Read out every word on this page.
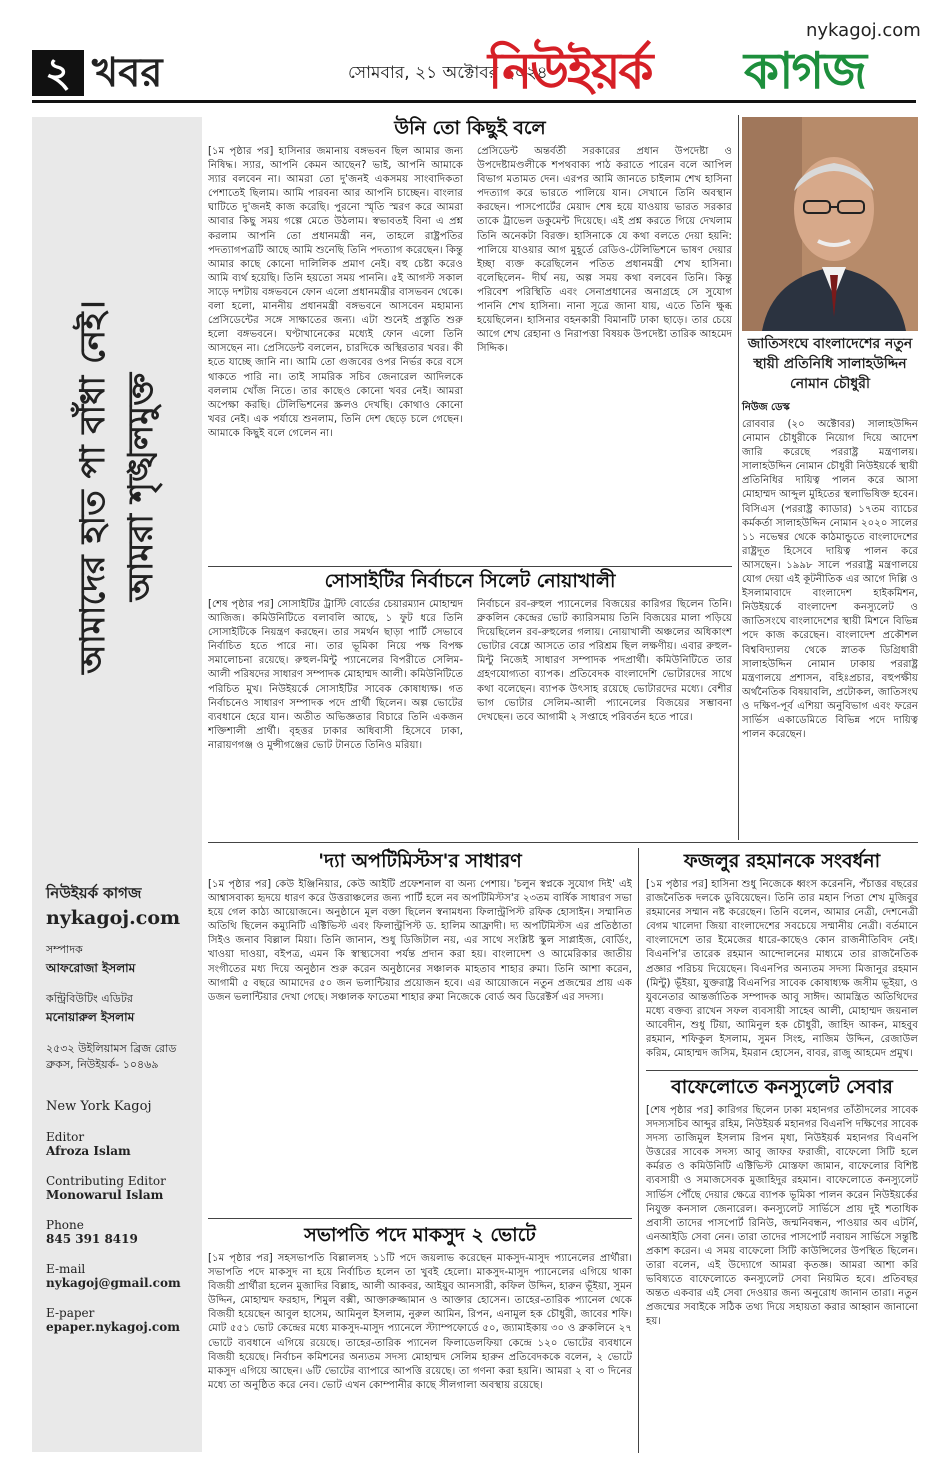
২ খবর	সোমবার, ২১ অক্টোবর ২০২৪
nykagoj.com
নিউইয়র্ক কাগজ
আমাদের হাত পা বাঁধা নেই। আমরা শৃঙ্খলমুক্ত
নিউইয়র্ক কাগজ
nykagoj.com
সম্পাদক
আফরোজা ইসলাম
কন্ট্রিবিউটিং এডিটর
মনোয়ারুল ইসলাম
২৫৩২ উইলিয়ামস ব্রিজ রোড
ব্রুকস, নিউইয়র্ক- ১০৪৬৯
New York Kagoj
Editor
Afroza Islam
Contributing Editor
Monowarul Islam
Phone
845 391 8419
E-mail
nykagoj@gmail.com
E-paper
epaper.nykagoj.com
উনি তো কিছুই বলে
[১ম পৃষ্ঠার পর] হাসিনার জমানায় বঙ্গভবন ছিল আমার জন্য নিষিদ্ধ। স্যার, আপনি কেমন আছেন? ভাই, আপনি আমাকে স্যার বলবেন না। আমরা তো দু'জনই একসময় সাংবাদিকতা পেশাতেই ছিলাম। আমি পারবনা আর আপনি চাচ্ছেন। বাংলার ঘাটিতে দু'জনই কাজ করেছি। পুরনো স্মৃতি স্মরণ করে আমরা আবার কিছু সময় গল্পে মেতে উঠলাম। স্বভাবতই বিনা এ প্রশ্ন করলাম আপনি তো প্রধানমন্ত্রী নন, তাহলে রাষ্ট্রপতির পদত্যাগপত্রটি আছে আমি শুনেছি তিনি পদত্যাগ করেছেন। কিন্তু আমার কাছে কোনো দালিলিক প্রমাণ নেই। বহু চেষ্টা করেও আমি ব্যর্থ হয়েছি। তিনি হয়তো সময় পাননি। ৫ই আগস্ট সকাল সাড়ে দশটায় বঙ্গভবনে ফোন এলো প্রধানমন্ত্রীর বাসভবন থেকে। বলা হলো, মাননীয় প্রধানমন্ত্রী বঙ্গভবনে আসবেন মহামান্য প্রেসিডেন্টের সঙ্গে সাক্ষাতের জন্য। এটা শুনেই প্রস্তুতি শুরু হলো বঙ্গভবনে। ঘণ্টাখানেকের মধ্যেই ফোন এলো তিনি আসছেন না। প্রেসিডেন্ট বললেন, চারদিকে অস্থিরতার খবর। কী হতে যাচ্ছে জানি না। আমি তো গুজবের ওপর নির্ভর করে বসে থাকতে পারি না। তাই সামরিক সচিব জেনারেল আদিলকে বললাম খোঁজ নিতে। তার কাছেও কোনো খবর নেই। আমরা অপেক্ষা করছি। টেলিভিশনের স্ক্রলও দেখছি। কোথাও কোনো খবর নেই। এক পর্যায়ে শুনলাম, তিনি দেশ ছেড়ে চলে গেছেন। আমাকে কিছুই বলে গেলেন না।
প্রেসিডেন্ট অন্তর্বর্তী সরকারের প্রধান উপদেষ্টা ও উপদেষ্টামণ্ডলীকে শপথবাক্য পাঠ করাতে পারেন বলে আপিল বিভাগ মতামত দেন। এরপর আমি জানতে চাইলাম শেখ হাসিনা পদত্যাগ করে ভারতে পালিয়ে যান। সেখানে তিনি অবস্থান করছেন। পাসপোর্টের মেয়াদ শেষ হয়ে যাওয়ায় ভারত সরকার তাকে ট্রাভেল ডকুমেন্ট দিয়েছে। এই প্রশ্ন করতে গিয়ে দেখলাম তিনি অনেকটা বিরক্ত। হাসিনাকে যে কথা বলতে দেয়া হয়নি: পালিয়ে যাওয়ার আগ মুহূর্তে রেডিও-টেলিভিশনে ভাষণ দেয়ার ইচ্ছা ব্যক্ত করেছিলেন পতিত প্রধানমন্ত্রী শেখ হাসিনা। বলেছিলেন- দীর্ঘ নয়, অল্প সময় কথা বলবেন তিনি। কিন্তু পরিবেশ পরিস্থিতি এবং সেনাপ্রধানের অনাগ্রহে সে সুযোগ পাননি শেখ হাসিনা। নানা সূত্রে জানা যায়, এতে তিনি ক্ষুব্ধ হয়েছিলেন। হাসিনার বহনকারী বিমানটি ঢাকা ছাড়ে। তার চেয়ে আগে শেখ রেহানা ও নিরাপত্তা বিষয়ক উপদেষ্টা তারিক আহমেদ সিদ্দিক।
সোসাইটির নির্বাচনে সিলেট নোয়াখালী
[শেষ পৃষ্ঠার পর] সোসাইটির ট্রাস্টি বোর্ডের চেয়ারম্যান মোহাম্মদ আজিজ। কমিউনিটিতে বলাবলি আছে, ১ ফুট ধরে তিনি সোসাইটিকে নিয়ন্ত্রণ করছেন। তার সমর্থন ছাড়া পার্টি সেভাবে নির্বাচিত হতে পারে না। তার ভূমিকা নিয়ে পক্ষ বিপক্ষ সমালোচনা রয়েছে। রুহুল-মিন্টু প্যানেলের বিপরীতে সেলিম-আলী পরিষদের সাধারণ সম্পাদক মোহাম্মদ আলী। কমিউনিটিতে পরিচিত মুখ। নিউইয়র্কে সোসাইটির সাবেক কোষাধ্যক্ষ। গত নির্বাচনেও সাধারণ সম্পাদক পদে প্রার্থী ছিলেন। অল্প ভোটের ব্যবধানে হেরে যান। অতীত অভিজ্ঞতার বিচারে তিনি একজন শক্তিশালী প্রার্থী। বৃহত্তর ঢাকার অধিবাসী হিসেবে ঢাকা, নারায়ণগঞ্জ ও মুন্সীগঞ্জের ভোট টানতে তিনিও মরিয়া।
নির্বাচনে রব-রুহুল প্যানেলের বিজয়ের কারিগর ছিলেন তিনি। ব্রুকলিন কেন্দ্রের ভোট ক্যারিসমায় তিনি বিজয়ের মালা পড়িয়ে দিয়েছিলেন রব-রুহুলের গলায়। নোয়াখালী অঞ্চলের অধিকাংশ ভোটার বেশ্লে আসতে তার পরিশ্রম ছিল লক্ষণীয়। এবার রুহুল-মিন্টু নিজেই সাধারণ সম্পাদক পদপ্রার্থী। কমিউনিটিতে তার গ্রহণযোগ্যতা ব্যাপক। প্রতিবেদক বাংলাদেশি ভোটারদের সাথে কথা বলেছেন। ব্যাপক উৎসাহ রয়েছে ভোটারদের মধ্যে। বেশীর ভাগ ভোটার সেলিম-আলী প্যানেলের বিজয়ের সম্ভাবনা দেখছেন। তবে আগামী ২ সপ্তাহে পরিবর্তন হতে পারে।
'দ্যা অপটিমিস্টস'র সাধারণ
[১ম পৃষ্ঠার পর] কেউ ইঞ্জিনিয়ার, কেউ আইটি প্রফেশনাল বা অন্য পেশায়। 'চলুন স্বপ্নকে সুযোগ দিই' এই আশ্বাসবাক্য হৃদয়ে ধারণ করে উত্তরাঞ্চলের জন্য পার্টি হলে নব অপটিমিস্টস'র ২৩তম বার্ষিক সাধারণ সভা হয়ে গেল কাঠ্য আয়োজনে। অনুষ্ঠানে মূল বক্তা ছিলেন স্বনামধন্য ফিলান্ট্রপিস্ট রফিক হোসাইন। সম্মানিত অতিথি ছিলেন কম্যুনিটি এক্টিভিস্ট এবং ফিলান্ট্রপিস্ট ড. হালিম আফ্রাদী। দ্য অপটিমিস্টস এর প্রতিষ্ঠাতা সিইও জনাব বিল্লাল মিয়া। তিনি জানান, শুধু ডিজিটাল নয়, এর সাথে সংশ্লিষ্ট স্কুল সাপ্লাইজ, বোর্ডিং, খাওয়া দাওয়া, বইপত্র, এমন কি স্বাস্থ্যসেবা পর্যন্ত প্রদান করা হয়। বাংলাদেশ ও আমেরিকার জাতীয় সংগীতের মধ্য দিয়ে অনুষ্ঠান শুরু করেন অনুষ্ঠানের সঞ্চালক মাহতাব শাহার রুমা। তিনি আশা করেন, আগামী ৫ বছরে আমাদের ৫০ জন ভলান্টিয়ার প্রয়োজন হবে। এর আয়োজনে নতুন প্রজন্মের প্রায় এক ডজন ভলান্টিয়ার দেখা গেছে। সঞ্চালক ফাতেমা শাহার রুমা নিজেকে বোর্ড অব ডিরেক্টর্স এর সদস্য।
সভাপতি পদে মাকসুদ ২ ভোটে
[১ম পৃষ্ঠার পর] সহসভাপতি বিল্লালসহ ১১টি পদে জয়লাভ করেছেন মাকসুদ-মাসুদ প্যানেলের প্রার্থীরা। সভাপতি পদে মাকসুদ না হয়ে নির্বাচিত হলেন তা খুবই হেলো। মাকসুদ-মাসুদ প্যানেলের এগিয়ে থাকা বিজয়ী প্রার্থীরা হলেন মুজাদির বিল্লাহ, আলী আকবর, আইয়ুব আনসারী, কফিল উদ্দিন, হারুন ভূঁইয়া, সুমন উদ্দিন, মোহাম্মদ ফরহাদ, শিমুল বক্সী, আক্তারুজ্জামান ও আক্তার হোসেন। তাহের-তারিক প্যানেল থেকে বিজয়ী হয়েছেন আবুল হাসেম, আমিনুল ইসলাম, নুরুল আমিন, রিপন, এনামুল হক চৌধুরী, জাবের শফি। মোট ৫৫১ ভোট কেন্দ্রের মধ্যে মাকসুদ-মাসুদ প্যানেলে স্ট্যাম্পফোর্ডে ৫০, জ্যামাইকায় ৩০ ও ব্রুকলিনে ২৭ ভোটে ব্যবধানে এগিয়ে রয়েছে। তাহের-তারিক প্যানেল ফিলাডেলফিয়া কেন্দ্রে ১২০ ভোটের ব্যবধানে বিজয়ী হয়েছে। নির্বাচন কমিশনের অন্যতম সদস্য মোহাম্মদ সেলিম হারুন প্রতিবেদককে বলেন, ২ ভোটে মাকসুদ এগিয়ে আছেন। ৬টি ভোটের ব্যাপারে আপত্তি রয়েছে। তা গণনা করা হয়নি। আমরা ২ বা ৩ দিনের মধ্যে তা অনুষ্ঠিত করে নেব। ভোট এখন কোম্পানীর কাছে সীলগালা অবস্থায় রয়েছে।
ফজলুর রহমানকে সংবর্ধনা
[১ম পৃষ্ঠার পর] হাসিনা শুধু নিজেকে ধ্বংস করেননি, পঁচাত্তর বছরের রাজনৈতিক দলকে ডুবিয়েছেন। তিনি তার মহান পিতা শেখ মুজিবুর রহমানের সম্মান নষ্ট করেছেন। তিনি বলেন, আমার নেত্রী, দেশনেত্রী বেগম খালেদা জিয়া বাংলাদেশের সবচেয়ে সম্মানীয় নেত্রী। বর্তমানে বাংলাদেশে তার ইমেজের ধারে-কাছেও কোন রাজনীতিবিদ নেই। বিএনপি'র তারেক রহমান আন্দোলনের মাধ্যমে তার রাজনৈতিক প্রজ্ঞার পরিচয় দিয়েছেন। বিএনপির অন্যতম সদস্য মিজানুর রহমান (মিন্টু) ভূঁইয়া, যুক্তরাষ্ট্র বিএনপির সাবেক কোষাধ্যক্ষ জসীম ভূইয়া, ও যুবনেতার আন্তর্জাতিক সম্পাদক আবু সাঈদ। আমন্ত্রিত অতিথিদের মধ্যে বক্তব্য রাখেন সফল ব্যবসায়ী সাহেব আলী, মোহাম্মদ জয়নাল আবেদীন, শুধু টিয়া, আমিনুল হক চৌধুরী, জাহিদ আকন, মাহবুব রহমান, শফিকুল ইসলাম, সুমন সিংহ, নাজিম উদ্দিন, রেজাউল করিম, মোহাম্মদ জসিম, ইমরান হোসেন, বাবর, রাজু আহমেদ প্রমুখ।
বাফেলোতে কনস্যুলেট সেবার
[শেষ পৃষ্ঠার পর] কারিগর ছিলেন ঢাকা মহানগর তাঁতীদলের সাবেক সদস্যসচিব আব্দুর রহিম, নিউইয়র্ক মহানগর বিএনপি দক্ষিণের সাবেক সদস্য তাজিমুল ইসলাম রিপন মৃধা, নিউইয়র্ক মহানগর বিএনপি উত্তরের সাবেক সদস্য আবু জাফর ফরাজী, বাফেলো সিটি হলে কর্মরত ও কমিউনিটি এক্টিভিস্ট মোস্তফা জামান, বাফেলোর বিশিষ্ট ব্যবসায়ী ও সমাজসেবক মুজাহিদুর রহমান। বাফেলোতে কনস্যুলেট সার্ভিস পৌঁছে দেয়ার ক্ষেত্রে ব্যাপক ভূমিকা পালন করেন নিউইয়র্কের নিযুক্ত কনসাল জেনারেল। কনস্যুলেট সার্ভিসে প্রায় দুই শতাধিক প্রবাসী তাদের পাসপোর্ট রিনিউ, জন্মনিবন্ধন, পাওয়ার অব এটর্নি, এনআইডি সেবা নেন। তারা তাদের পাসপোর্ট নবায়ন সার্ভিসে সন্তুষ্টি প্রকাশ করেন। এ সময় বাফেলো সিটি কাউন্সিলের উপস্থিত ছিলেন। তারা বলেন, এই উদ্যোগে আমরা কৃতজ্ঞ। আমরা আশা করি ভবিষ্যতে বাফেলোতে কনস্যুলেট সেবা নিয়মিত হবে। প্রতিবছর অন্তত একবার এই সেবা দেওয়ার জন্য অনুরোধ জানান তারা। নতুন প্রজন্মের সবাইকে সঠিক তথ্য দিয়ে সহায়তা করার আহ্বান জানানো হয়।
জাতিসংঘে বাংলাদেশের নতুন স্থায়ী প্রতিনিধি সালাহউদ্দিন নোমান চৌধুরী
নিউজ ডেস্ক
রোববার (২০ অক্টোবর) সালাহউদ্দিন নোমান চৌধুরীকে নিয়োগ দিয়ে আদেশ জারি করেছে পররাষ্ট্র মন্ত্রণালয়। সালাহউদ্দিন নোমান চৌধুরী নিউইয়র্কে স্থায়ী প্রতিনিধির দায়িত্ব পালন করে আসা মোহাম্মদ আব্দুল মুহিতের স্থলাভিষিক্ত হবেন। বিসিএস (পররাষ্ট্র ক্যাডার) ১৭তম ব্যাচের কর্মকর্তা সালাহউদ্দিন নোমান ২০২০ সালের ১১ নভেম্বর থেকে কাঠমান্ডুতে বাংলাদেশের রাষ্ট্রদূত হিসেবে দায়িত্ব পালন করে আসছেন। ১৯৯৮ সালে পররাষ্ট্র মন্ত্রণালয়ে যোগ দেয়া এই কূটনীতিক এর আগে দিল্লি ও ইসলামাবাদে বাংলাদেশ হাইকমিশন, নিউইয়র্কে বাংলাদেশ কনস্যুলেট ও জাতিসংঘে বাংলাদেশের স্থায়ী মিশনে বিভিন্ন পদে কাজ করেছেন। বাংলাদেশ প্রকৌশল বিশ্ববিদ্যালয় থেকে স্নাতক ডিগ্রিধারী সালাহউদ্দিন নোমান ঢাকায় পররাষ্ট্র মন্ত্রণালয়ে প্রশাসন, বহিঃপ্রচার, বহুপক্ষীয় অর্থনৈতিক বিষয়াবলি, প্রটোকল, জাতিসংঘ ও দক্ষিণ-পূর্ব এশিয়া অনুবিভাগ এবং ফরেন সার্ভিস একাডেমিতে বিভিন্ন পদে দায়িত্ব পালন করেছেন।
